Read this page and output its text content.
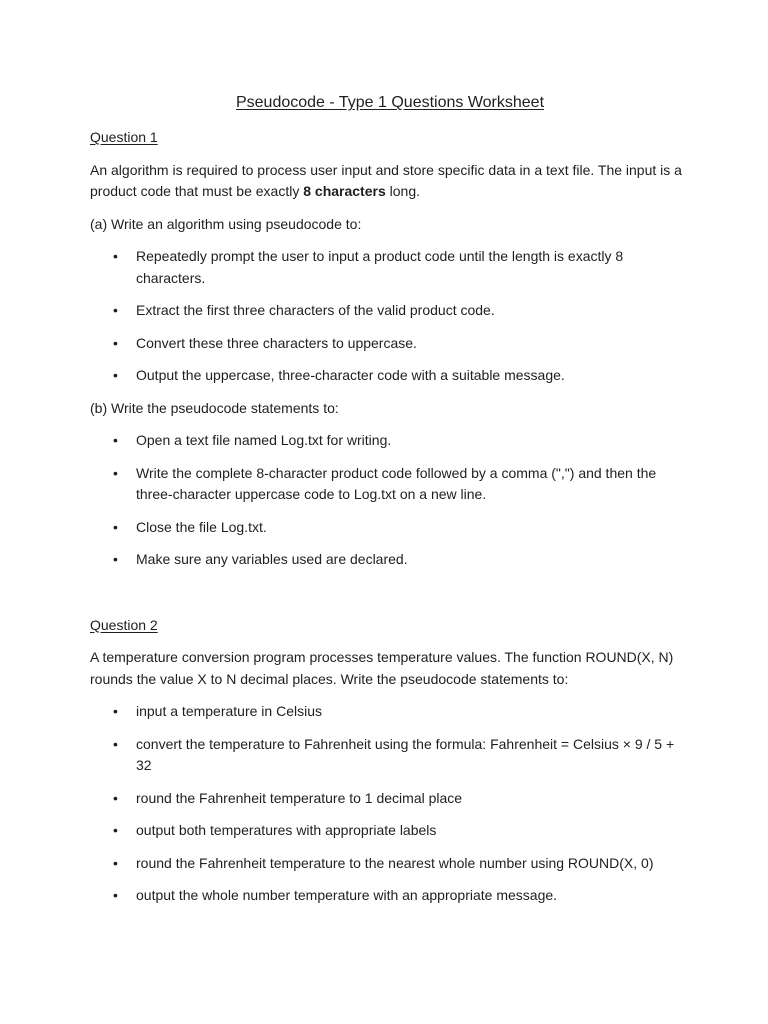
Pseudocode - Type 1 Questions Worksheet
Question 1
An algorithm is required to process user input and store specific data in a text file. The input is a product code that must be exactly 8 characters long.
(a) Write an algorithm using pseudocode to:
• Repeatedly prompt the user to input a product code until the length is exactly 8 characters.
• Extract the first three characters of the valid product code.
• Convert these three characters to uppercase.
• Output the uppercase, three-character code with a suitable message.
(b) Write the pseudocode statements to:
• Open a text file named Log.txt for writing.
• Write the complete 8-character product code followed by a comma (",") and then the three-character uppercase code to Log.txt on a new line.
• Close the file Log.txt.
• Make sure any variables used are declared.
Question 2
A temperature conversion program processes temperature values. The function ROUND(X, N) rounds the value X to N decimal places. Write the pseudocode statements to:
• input a temperature in Celsius
• convert the temperature to Fahrenheit using the formula: Fahrenheit = Celsius × 9 / 5 + 32
• round the Fahrenheit temperature to 1 decimal place
• output both temperatures with appropriate labels
• round the Fahrenheit temperature to the nearest whole number using ROUND(X, 0)
• output the whole number temperature with an appropriate message.
